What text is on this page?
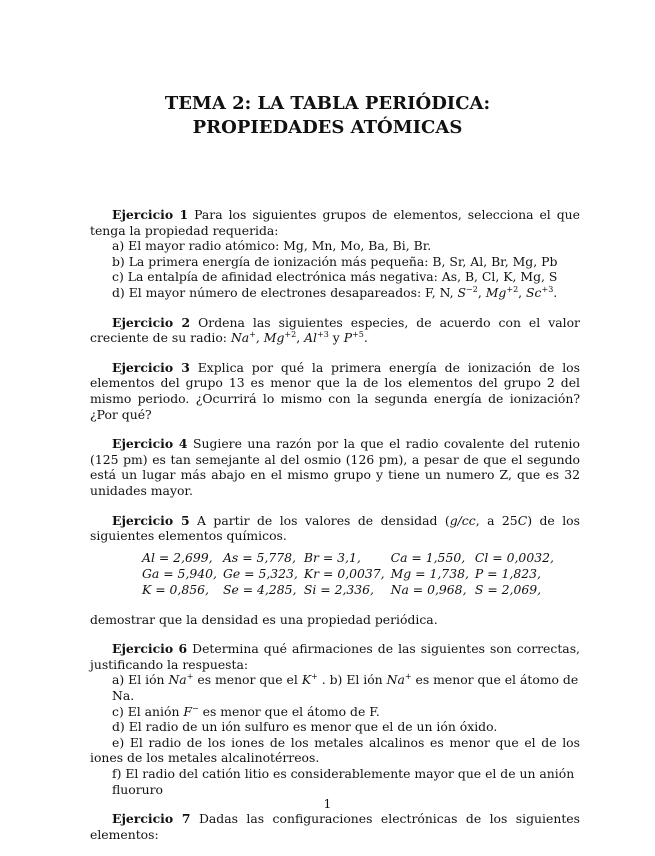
TEMA 2: LA TABLA PERIÓDICA:
PROPIEDADES ATÓMICAS
Ejercicio 1 Para los siguientes grupos de elementos, selecciona el que tenga la propiedad requerida:
a) El mayor radio atómico: Mg, Mn, Mo, Ba, Bi, Br.
b) La primera energía de ionización más pequeña: B, Sr, Al, Br, Mg, Pb
c) La entalpía de afinidad electrónica más negativa: As, B, Cl, K, Mg, S
d) El mayor número de electrones desapareados: F, N, $S^{-2}$, $Mg^{+2}$, $Sc^{+3}$.
Ejercicio 2 Ordena las siguientes especies, de acuerdo con el valor creciente de su radio: Na+, $Mg^{+2}$, $Al^{+3}$ y $P^{+5}$.
Ejercicio 3 Explica por qué la primera energía de ionización de los elementos del grupo 13 es menor que la de los elementos del grupo 2 del mismo periodo. ¿Ocurrirá lo mismo con la segunda energía de ionización? ¿Por qué?
Ejercicio 4 Sugiere una razón por la que el radio covalente del rutenio (125 pm) es tan semejante al del osmio (126 pm), a pesar de que el segundo está un lugar más abajo en el mismo grupo y tiene un numero Z, que es 32 unidades mayor.
Ejercicio 5 A partir de los valores de densidad (g/cc, a 25C) de los siguientes elementos químicos.
Al = 2,699,	As = 5,778,	Br = 3,1,	Ca = 1,550,	Cl = 0,0032,
Ga = 5,940,	Ge = 5,323,	Kr = 0,0037,	Mg = 1,738,	P = 1,823,
K = 0,856,	Se = 4,285,	Si = 2,336,	Na = 0,968,	S = 2,069,
demostrar que la densidad es una propiedad periódica.
Ejercicio 6 Determina qué afirmaciones de las siguientes son correctas, justificando la respuesta:
a) El ión Na+ es menor que el K+ . b) El ión Na+ es menor que el átomo de Na.
c) El anión F− es menor que el átomo de F.
d) El radio de un ión sulfuro es menor que el de un ión óxido.
e) El radio de los iones de los metales alcalinos es menor que el de los iones de los metales alcalinotérreos.
f) El radio del catión litio es considerablemente mayor que el de un anión fluoruro
Ejercicio 7 Dadas las configuraciones electrónicas de los siguientes elementos:
1
